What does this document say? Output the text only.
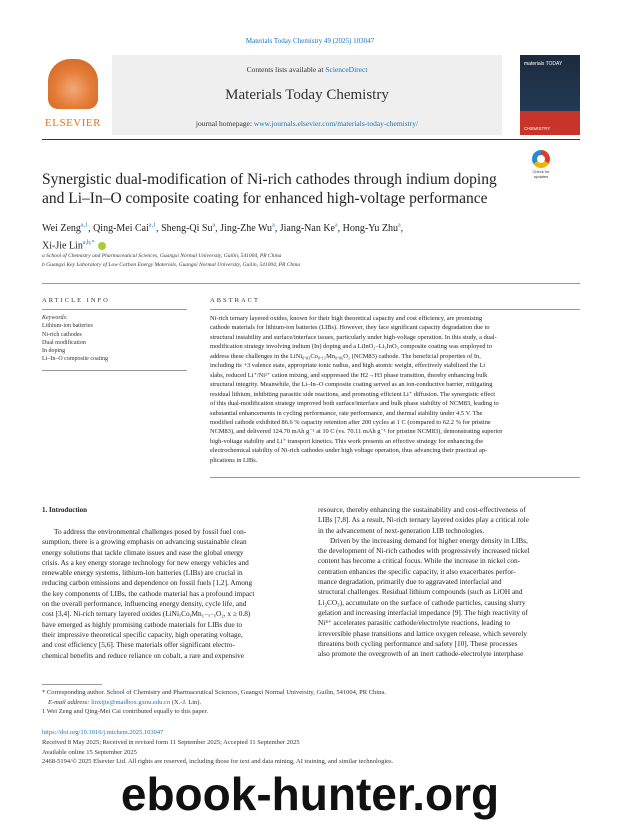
Materials Today Chemistry 49 (2025) 103047
ELSEVIER
Contents lists available at ScienceDirect
Materials Today Chemistry
journal homepage: www.journals.elsevier.com/materials-today-chemistry/
materials TODAY
CHEMISTRY
Check for updates
Synergistic dual-modification of Ni-rich cathodes through indium doping and Li–In–O composite coating for enhanced high-voltage performance
Wei Zeng$^{a,1}$, Qing-Mei Cai$^{a,1}$, Sheng-Qi Su$^a$, Jing-Zhe Wu$^a$, Jiang-Nan Ke$^a$, Hong-Yu Zhu$^a$,
Xi-Jie Lin$^{a,b,*}$
a School of Chemistry and Pharmaceutical Sciences, Guangxi Normal University, Guilin, 541004, PR China
b Guangxi Key Laboratory of Low Carbon Energy Materials, Guangxi Normal University, Guilin, 541004, PR China
ARTICLE INFO	ABSTRACT
Keywords:
Lithium-ion batteries
Ni-rich cathodes
Dual modification
In doping
Li–In–O composite coating
Ni-rich ternary layered oxides, known for their high theoretical capacity and cost efficiency, are promising
cathode materials for lithium-ion batteries (LIBs). However, they face significant capacity degradation due to
structural instability and surface/interface issues, particularly under high-voltage operation. In this study, a dual-
modification strategy involving indium (In) doping and a LiInO₂–Li₃InO₃ composite coating was employed to
address these challenges in the LiNi₀.₈₃Co₀.₁₁Mn₀.₀₆O₂ (NCM83) cathode. The beneficial properties of In,
including its +3 valence state, appropriate ionic radius, and high atomic weight, effectively stabilized the Li
slabs, reduced Li⁺/Ni²⁺ cation mixing, and suppressed the H2→H3 phase transition, thereby enhancing bulk
structural integrity. Meanwhile, the Li–In–O composite coating served as an ion-conductive barrier, mitigating
residual lithium, inhibiting parasitic side reactions, and promoting efficient Li⁺ diffusion. The synergistic effect
of this dual-modification strategy improved both surface/interface and bulk phase stability of NCM83, leading to
substantial enhancements in cycling performance, rate performance, and thermal stability under 4.5 V. The
modified cathode exhibited 86.6 % capacity retention after 200 cycles at 1 C (compared to 62.2 % for pristine
NCM83), and delivered 124.70 mAh g⁻¹ at 10 C (vs. 70.11 mAh g⁻¹ for pristine NCM83), demonstrating superior
high-voltage stability and Li⁺ transport kinetics. This work presents an effective strategy for enhancing the
electrochemical stability of Ni-rich cathodes under high voltage operation, thus advancing their practical ap-
plications in LIBs.
1. Introduction
To address the environmental challenges posed by fossil fuel con-
sumption, there is a growing emphasis on advancing sustainable clean
energy solutions that tackle climate issues and ease the global energy
crisis. As a key energy storage technology for new energy vehicles and
renewable energy systems, lithium-ion batteries (LIBs) are crucial in
reducing carbon emissions and dependence on fossil fuels [1,2]. Among
the key components of LIBs, the cathode material has a profound impact
on the overall performance, influencing energy density, cycle life, and
cost [3,4]. Ni-rich ternary layered oxides (LiNiₓCoᵧMn₁₋ₓ₋ᵧO₂, x ≥ 0.8)
have emerged as highly promising cathode materials for LIBs due to
their impressive theoretical specific capacity, high operating voltage,
and cost efficiency [5,6]. These materials offer significant electro-
chemical benefits and reduce reliance on cobalt, a rare and expensive
resource, thereby enhancing the sustainability and cost-effectiveness of
LIBs [7,8]. As a result, Ni-rich ternary layered oxides play a critical role
in the advancement of next-generation LIB technologies.
Driven by the increasing demand for higher energy density in LIBs,
the development of Ni-rich cathodes with progressively increased nickel
content has become a critical focus. While the increase in nickel con-
centration enhances the specific capacity, it also exacerbates perfor-
mance degradation, primarily due to aggravated interfacial and
structural challenges. Residual lithium compounds (such as LiOH and
Li₂CO₃), accumulate on the surface of cathode particles, causing slurry
gelation and increasing interfacial impedance [9]. The high reactivity of
Ni⁴⁺ accelerates parasitic cathode/electrolyte reactions, leading to
irreversible phase transitions and lattice oxygen release, which severely
threatens both cycling performance and safety [10]. These processes
also promote the overgrowth of an inert cathode-electrolyte interphase
* Corresponding author. School of Chemistry and Pharmaceutical Sciences, Guangxi Normal University, Guilin, 541004, PR China.
E-mail address: linxijie@mailbox.gxnu.edu.cn (X.-J. Lin).
1 Wei Zeng and Qing-Mei Cai contributed equally to this paper.
https://doi.org/10.1016/j.mtchem.2025.103047
Received 8 May 2025; Received in revised form 11 September 2025; Accepted 11 September 2025
Available online 15 September 2025
2468-5194/© 2025 Elsevier Ltd. All rights are reserved, including those for text and data mining, AI training, and similar technologies.
ebook-hunter.org
